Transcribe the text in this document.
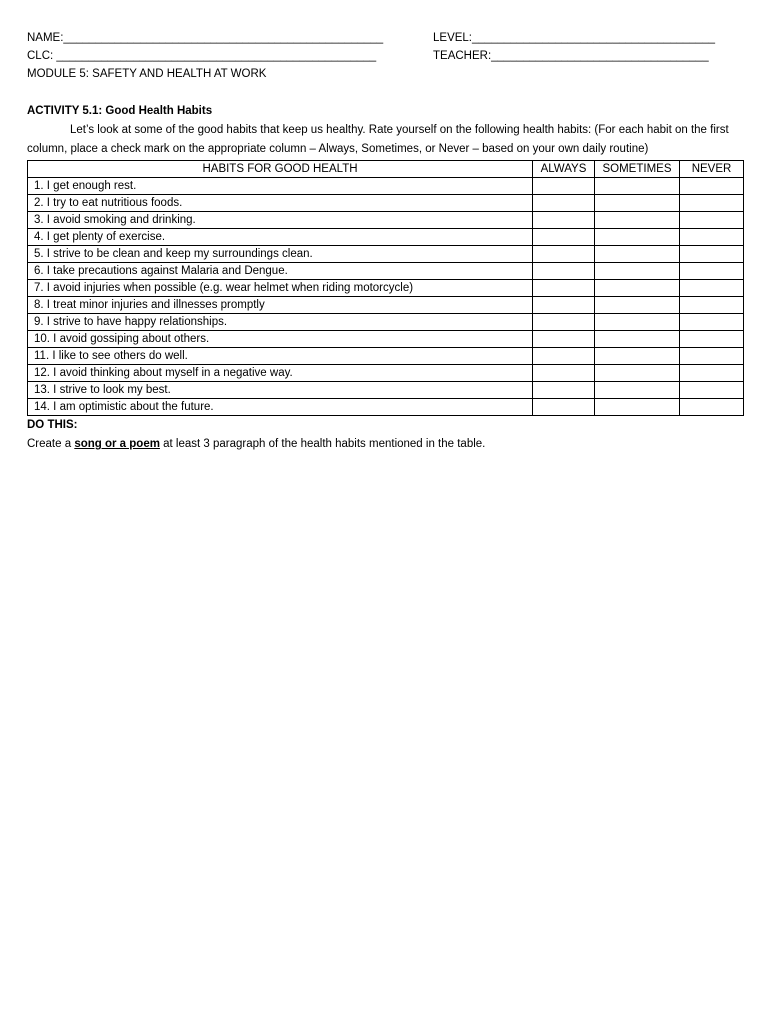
NAME:__________________________________________________	LEVEL:______________________________________
CLC: __________________________________________________	TEACHER:__________________________________
MODULE 5: SAFETY AND HEALTH AT WORK
ACTIVITY 5.1: Good Health Habits

Let’s look at some of the good habits that keep us healthy. Rate yourself on the following health habits: (For each habit on the first column, place a check mark on the appropriate column – Always, Sometimes, or Never – based on your own daily routine)

HABITS FOR GOOD HEALTH	ALWAYS	SOMETIMES	NEVER
1. I get enough rest.			
2. I try to eat nutritious foods.			
3. I avoid smoking and drinking.			
4. I get plenty of exercise.			
5. I strive to be clean and keep my surroundings clean.			
6. I take precautions against Malaria and Dengue.			
7. I avoid injuries when possible (e.g. wear helmet when riding motorcycle)			
8. I treat minor injuries and illnesses promptly			
9. I strive to have happy relationships.			
10. I avoid gossiping about others.			
11. I like to see others do well.			
12. I avoid thinking about myself in a negative way.			
13. I strive to look my best.			
14. I am optimistic about the future.			
DO THIS:
Create a song or a poem at least 3 paragraph of the health habits mentioned in the table.
